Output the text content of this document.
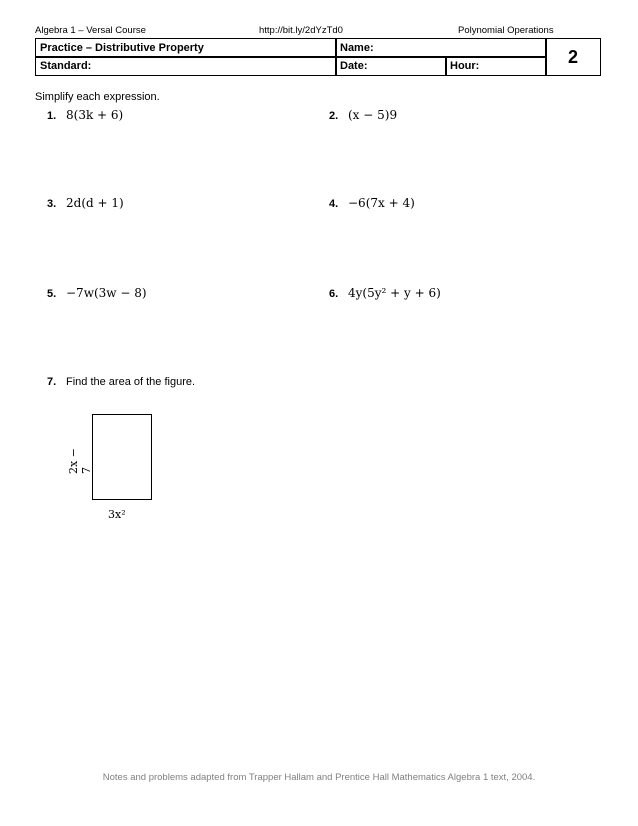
Algebra 1 – Versal Course	http://bit.ly/2dYzTd0	Polynomial Operations
Practice – Distributive Property	Name:
Standard:	Date:	Hour:	2
Simplify each expression.
1. 8(3k + 6)	2. (x − 5)9
3. 2d(d + 1)	4. −6(7x + 4)
5. −7w(3w − 8)	6. 4y(5y² + y + 6)
7. Find the area of the figure.
2x − 7
3x²
Notes and problems adapted from Trapper Hallam and Prentice Hall Mathematics Algebra 1 text, 2004.
